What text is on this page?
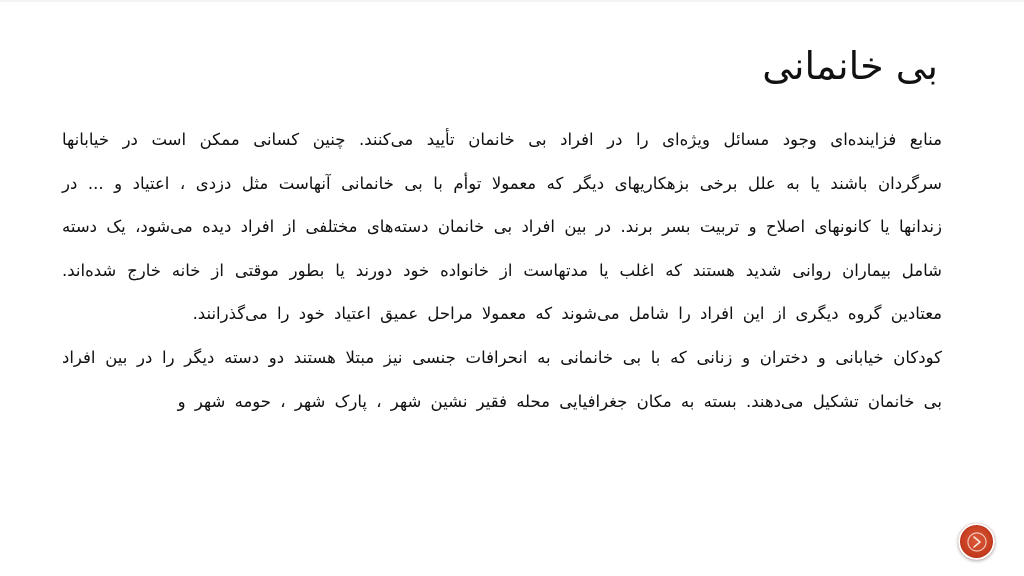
بی خانمانی

منابع فزاینده‌ای وجود مسائل ویژه‌ای را در افراد بی خانمان تأیید می‌کنند. چنین کسانی ممکن است در خیابانها سرگردان باشند یا به علل برخی بزهکاریهای دیگر که معمولا توأم با بی خانمانی آنهاست مثل دزدی ، اعتیاد و ... در زندانها یا کانونهای اصلاح و تربیت بسر برند. در بین افراد بی خانمان دسته‌های مختلفی از افراد دیده می‌شود، یک دسته شامل بیماران روانی شدید هستند که اغلب یا مدتهاست از خانواده خود دورند یا بطور موقتی از خانه خارج شده‌اند. معتادین گروه دیگری از این افراد را شامل می‌شوند که معمولا مراحل عمیق اعتیاد خود را می‌گذرانند.

کودکان خیابانی و دختران و زنانی که با بی خانمانی به انحرافات جنسی نیز مبتلا هستند دو دسته دیگر را در بین افراد بی خانمان تشکیل می‌دهند. بسته به مکان جغرافیایی محله فقیر نشین شهر ، پارک شهر ، حومه شهر و
